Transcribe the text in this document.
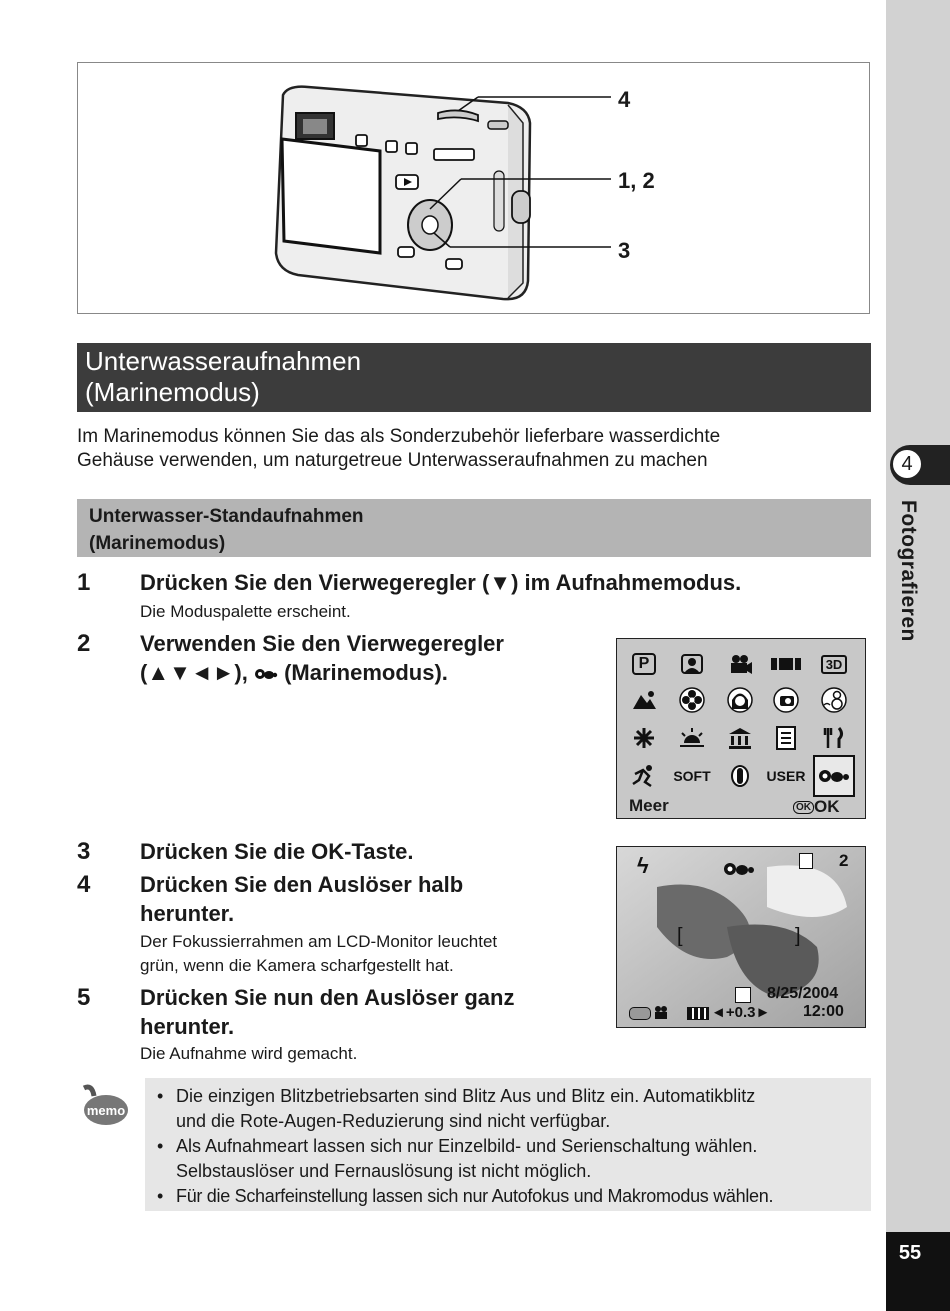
4
Fotografieren
55
4
1, 2
3
Unterwasseraufnahmen
(Marinemodus)
Im Marinemodus können Sie das als Sonderzubehör lieferbare wasserdichte
Gehäuse verwenden, um naturgetreue Unterwasseraufnahmen zu machen
Unterwasser-Standaufnahmen
(Marinemodus)
1 Drücken Sie den Vierwegeregler (▼) im Aufnahmemodus.
Die Moduspalette erscheint.
2 Verwenden Sie den Vierwegeregler
(▲▼◄►),  (Marinemodus).	P	3D
SOFT	USER
Meer	OK OK
3 Drücken Sie die OK-Taste.
4 Drücken Sie den Auslöser halb
herunter.
Der Fokussierrahmen am LCD-Monitor leuchtet
grün, wenn die Kamera scharfgestellt hat.
5 Drücken Sie nun den Auslöser ganz
herunter.
Die Aufnahme wird gemacht.
ϟ	2
[	]
8/25/2004
12:00
◄+0.3►
memo
• Die einzigen Blitzbetriebsarten sind Blitz Aus und Blitz ein. Automatikblitz
und die Rote-Augen-Reduzierung sind nicht verfügbar.
• Als Aufnahmeart lassen sich nur Einzelbild- und Serienschaltung wählen.
Selbstauslöser und Fernauslösung ist nicht möglich.
• Für die Scharfeinstellung lassen sich nur Autofokus und Makromodus wählen.
